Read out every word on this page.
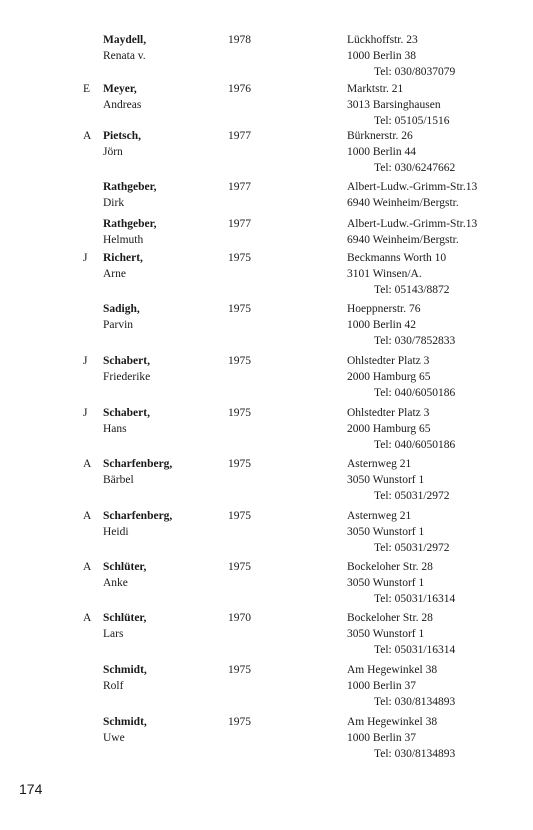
Maydell,
Renata v.
1978	Lückhoffstr. 23
1000 Berlin 38
Tel: 030/8037079
E Meyer,
Andreas
1976	Marktstr. 21
3013 Barsinghausen
Tel: 05105/1516
A Pietsch,
Jörn
1977	Bürknerstr. 26
1000 Berlin 44
Tel: 030/6247662
Rathgeber,
Dirk
1977	Albert-Ludw.-Grimm-Str.13
6940 Weinheim/Bergstr.
Rathgeber,
Helmuth
1977	Albert-Ludw.-Grimm-Str.13
6940 Weinheim/Bergstr.
J Richert,
Arne
1975	Beckmanns Worth 10
3101 Winsen/A.
Tel: 05143/8872
Sadigh,
Parvin
1975	Hoeppnerstr. 76
1000 Berlin 42
Tel: 030/7852833
J Schabert,
Friederike
1975	Ohlstedter Platz 3
2000 Hamburg 65
Tel: 040/6050186
J Schabert,
Hans
1975	Ohlstedter Platz 3
2000 Hamburg 65
Tel: 040/6050186
A Scharfenberg,
Bärbel
1975	Asternweg 21
3050 Wunstorf 1
Tel: 05031/2972
A Scharfenberg,
Heidi
1975	Asternweg 21
3050 Wunstorf 1
Tel: 05031/2972
A Schlüter,
Anke
1975	Bockeloher Str. 28
3050 Wunstorf 1
Tel: 05031/16314
A Schlüter,
Lars
1970	Bockeloher Str. 28
3050 Wunstorf 1
Tel: 05031/16314
Schmidt,
Rolf
1975	Am Hegewinkel 38
1000 Berlin 37
Tel: 030/8134893
Schmidt,
Uwe
1975	Am Hegewinkel 38
1000 Berlin 37
Tel: 030/8134893
174
